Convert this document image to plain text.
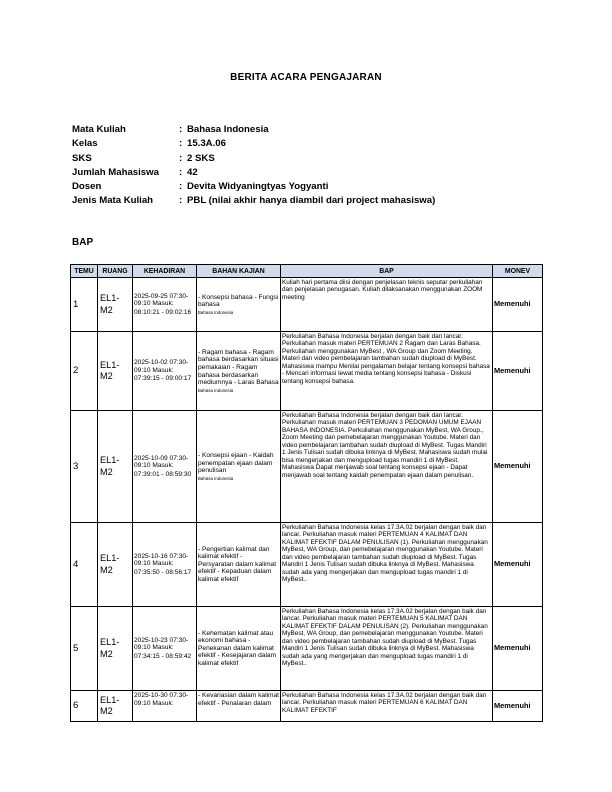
BERITA ACARA PENGAJARAN
Mata Kuliah	: Bahasa Indonesia
Kelas	: 15.3A.06
SKS	: 2 SKS
Jumlah Mahasiswa : 42
Dosen	: Devita Widyaningtyas Yogyanti
Jenis Mata Kuliah	: PBL (nilai akhir hanya diambil dari project mahasiswa)
BAP
TEMU	RUANG	KEHADIRAN	BAHAN KAJIAN	BAP	MONEV
1	EL1-M2	2025-09-25 07:30-09:10 Masuk:
08:10:21 - 09:02:16	- Konsepsi bahasa - Fungsi bahasa
Bahasa Indonesia	Kuliah hari pertama diisi dengan penjelasan teknis seputar perkuliahan dan penjelasan penugasan. Kuliah dilaksanakan menggunakan ZOOM meeting	Memenuhi
2	EL1-M2	2025-10-02 07:30-09:10 Masuk:
07:39:15 - 09:00:17	- Ragam bahasa - Ragam bahasa berdasarkan situasi pemakaian - Ragam bahasa berdasarkan mediumnya - Laras Bahasa
Bahasa Indonesia	Perkuliahan Bahasa Indonesia berjalan dengan baik dan lancar. Perkuliahan masuk materi PERTEMUAN 2 Ragam dan Laras Bahasa. Perkuliahan menggunakan MyBest , WA Group dan Zoom Meeting. Materi dan video pembelajaran tambahan sudah diupload di MyBest. Mahasiswa mampu Menilai pengalaman belajar tentang konsepsi bahasa - Mencari informasi lewat media tentang konsepsi bahasa - Diskusi tentang konsepsi bahasa.	Memenuhi
3	EL1-M2	2025-10-09 07:30-09:10 Masuk:
07:39:01 - 08:59:30	- Konsepsi ejaan - Kaidah penempatan ejaan dalam penulisan
Bahasa Indonesia	Perkuliahan Bahasa Indonesia berjalan dengan baik dan lancar. Perkuliahan masuk materi PERTEMUAN 3 PEDOMAN UMUM EJAAN BAHASA INDONESIA. Perkuliahan menggunakan MyBest, WA Group., Zoom Meeting dan pemebelajaran menggunakan Youtube. Materi dan video pembelajaran tambahan sudah diupload di MyBest. Tugas Mandiri 1 Jenis Tulisan sudah dibuka linknya di MyBest. Mahasiswa sudah mulai bisa mengerjakan dan mengupload tugas mandiri 1 di MyBest. Mahasiswa Dapat menjawab soal tentang konsepsi ejaan - Dapat menjawab soal tentang kaidah penempatan ejaan dalam penulisan.	Memenuhi
4	EL1-M2	2025-10-16 07:30-09:10 Masuk:
07:35:50 - 08:56:17	- Pengertian kalimat dan kalimat efektif - Persyaratan dalam kalimat efektif - Kepaduan dalam kalimat efektif	Perkuliahan Bahasa Indonesia kelas 17.3A.02 berjalan dengan baik dan lancar. Perkuliahan masuk materi PERTEMUAN 4 KALIMAT DAN KALIMAT EFEKTIF DALAM PENULISAN (1). Perkuliahan menggunakan MyBest, WA Group, dan pemebelajaran menggunakan Youtube. Materi dan video pembelajaran tambahan sudah diupload di MyBest. Tugas Mandiri 1 Jenis Tulisan sudah dibuka linknya di MyBest. Mahasiswa sudah ada yang mengerjakan dan mengupload tugas mandiri 1 di MyBest..	Memenuhi
5	EL1-M2	2025-10-23 07:30-09:10 Masuk:
07:34:15 - 08:59:42	- Kehematan kalimat atau ekonomi bahasa - Penekanan dalam kalimat efektif - Kesejajaran dalam kalimat efektif	Perkuliahan Bahasa Indonesia kelas 17.3A.02 berjalan dengan baik dan lancar. Perkuliahan masuk materi PERTEMUAN 5 KALIMAT DAN KALIMAT EFEKTIF DALAM PENULISAN (2). Perkuliahan menggunakan MyBest, WA Group, dan pemebelajaran menggunakan Youtube. Materi dan video pembelajaran tambahan sudah diupload di MyBest. Tugas Mandiri 1 Jenis Tulisan sudah dibuka linknya di MyBest. Mahasiswa sudah ada yang mengerjakan dan mengupload tugas mandiri 1 di MyBest..	Memenuhi
6	EL1-M2	2025-10-30 07:30-09:10 Masuk:	- Kevariasian dalam kalimat efektif - Penalaran dalam	Perkuliahan Bahasa Indonesia kelas 17.3A.02 berjalan dengan baik dan lancar. Perkuliahan masuk materi PERTEMUAN 6 KALIMAT DAN KALIMAT EFEKTIF	Memenuhi
